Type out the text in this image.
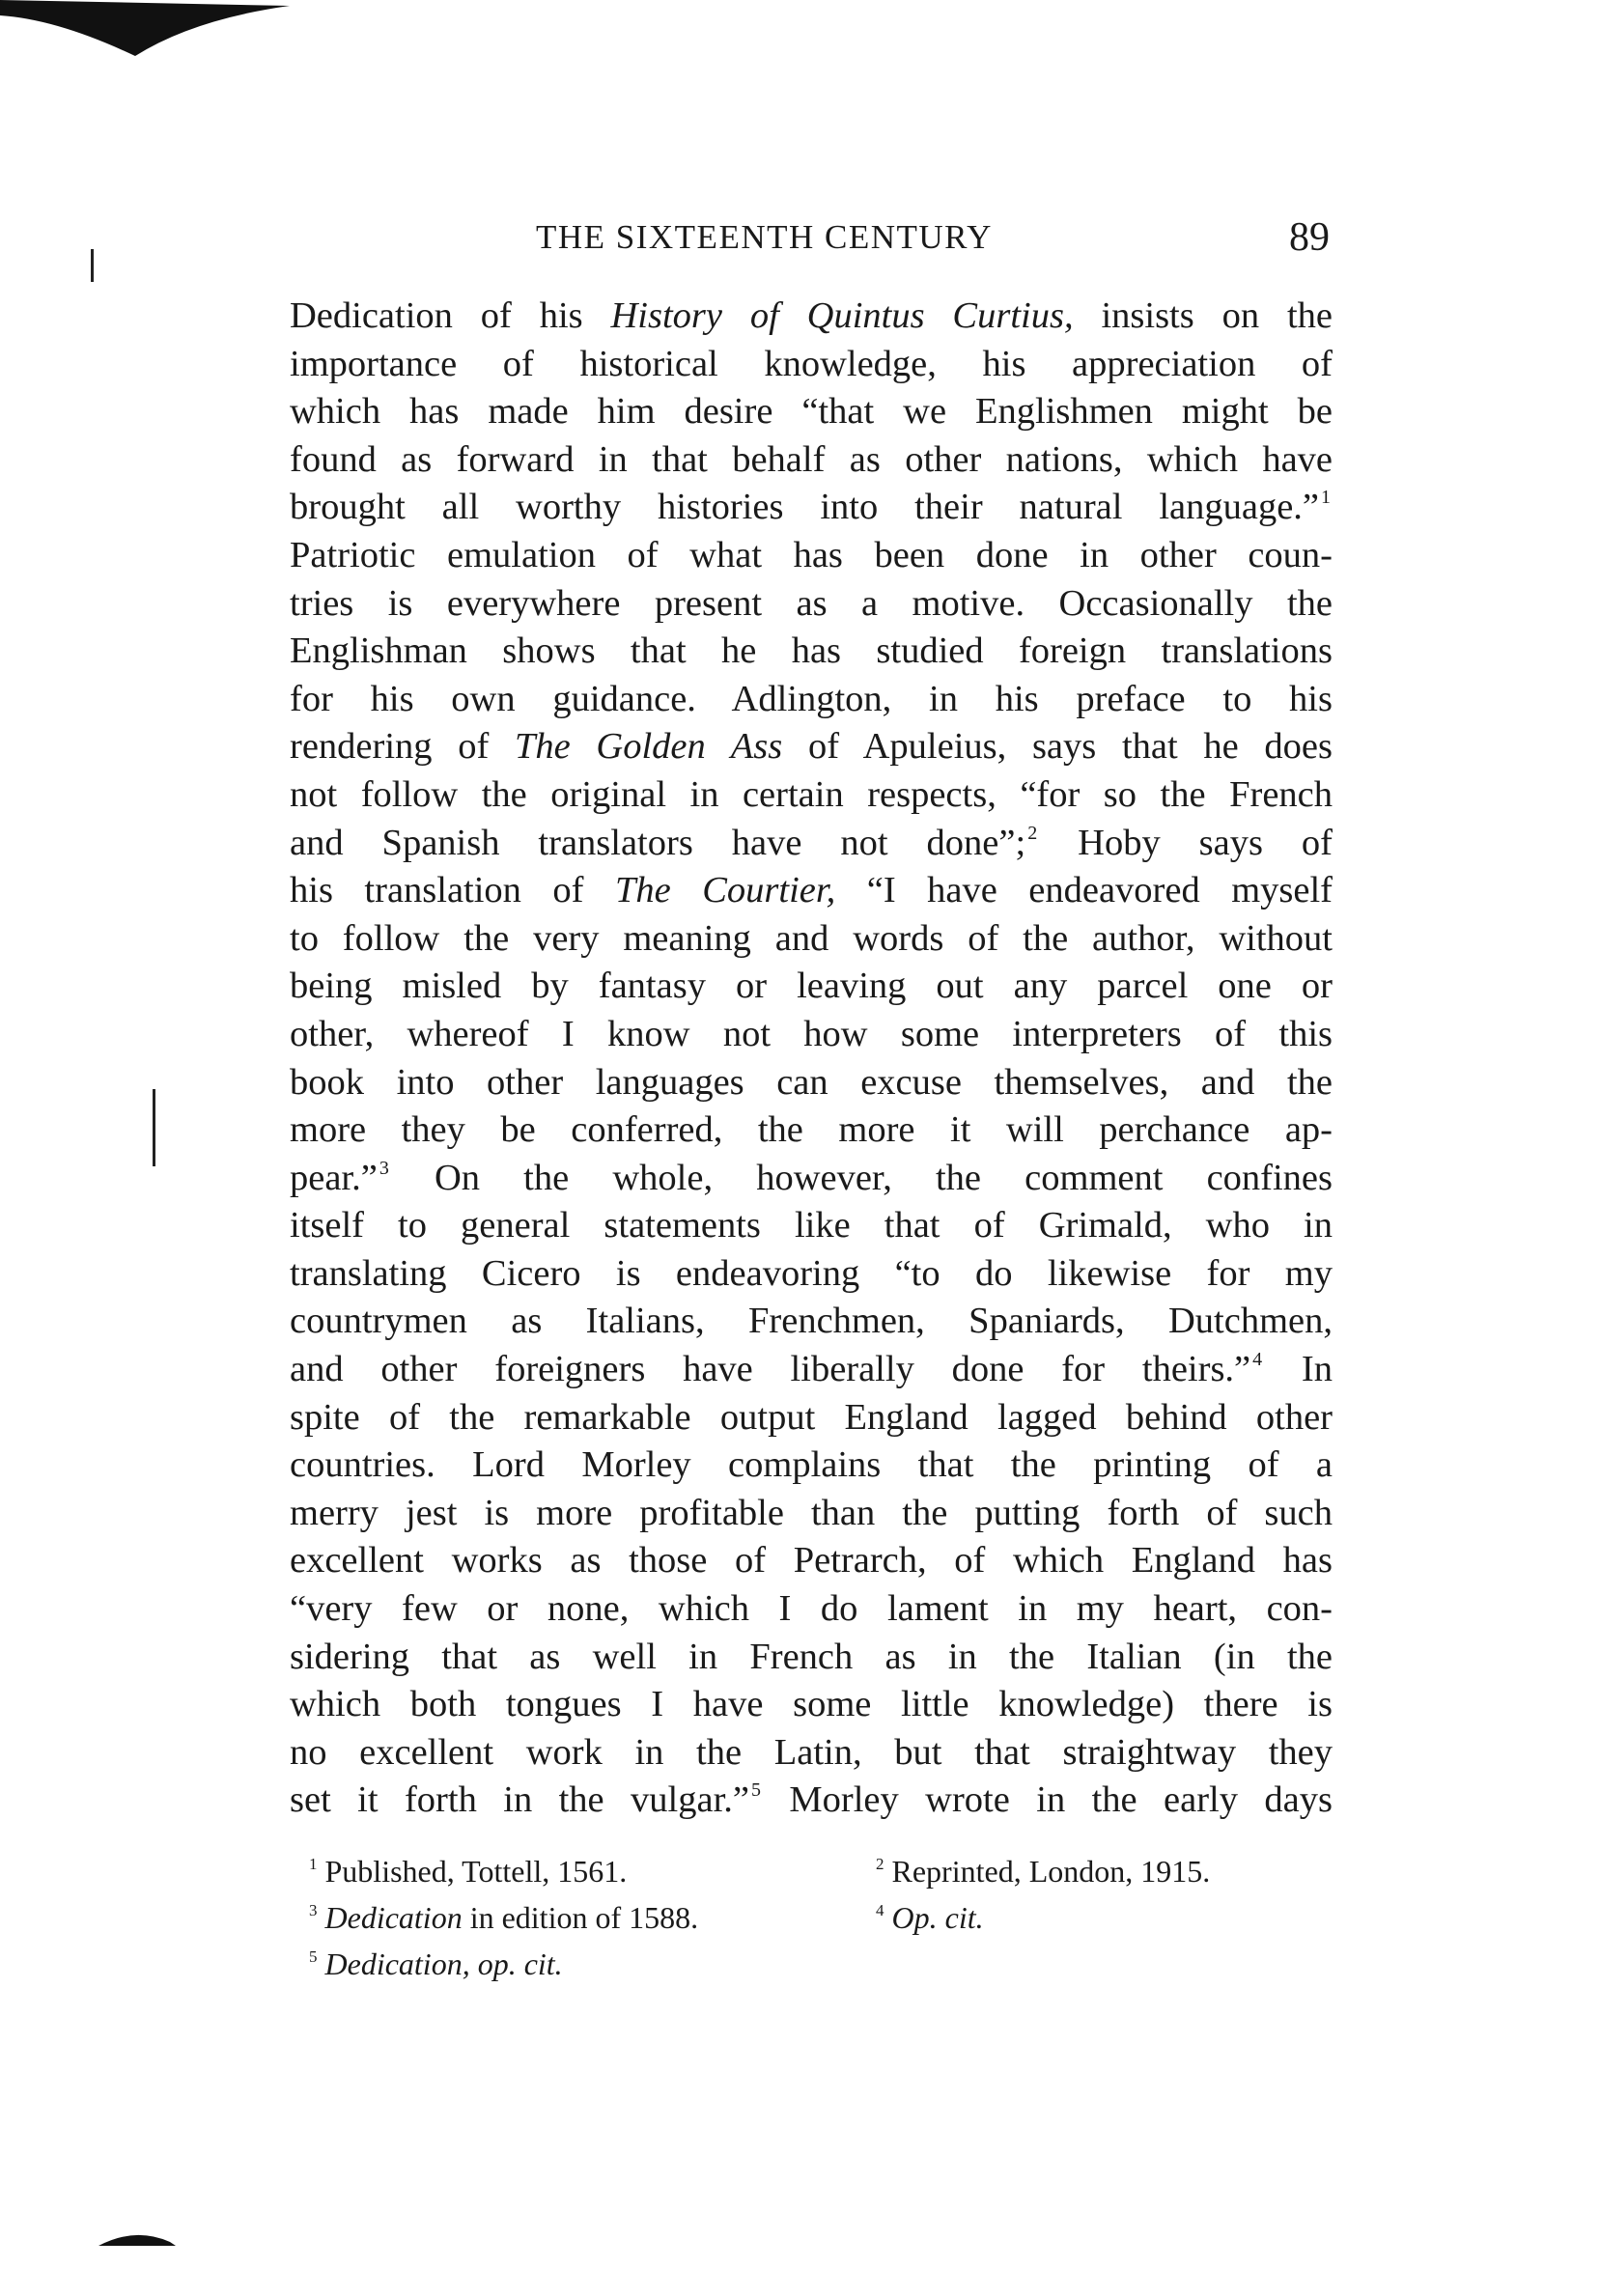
THE SIXTEENTH CENTURY	89
Dedication of his History of Quintus Curtius, insists on the
importance of historical knowledge, his appreciation of
which has made him desire “that we Englishmen might be
found as forward in that behalf as other nations, which have
brought all worthy histories into their natural language.” $^1$
Patriotic emulation of what has been done in other coun-
tries is everywhere present as a motive. Occasionally the
Englishman shows that he has studied foreign translations
for his own guidance. Adlington, in his preface to his
rendering of The Golden Ass of Apuleius, says that he does
not follow the original in certain respects, “for so the French
and Spanish translators have not done”; $^2$ Hoby says of
his translation of The Courtier, “I have endeavored myself
to follow the very meaning and words of the author, without
being misled by fantasy or leaving out any parcel one or
other, whereof I know not how some interpreters of this
book into other languages can excuse themselves, and the
more they be conferred, the more it will perchance ap-
pear.” $^3$ On the whole, however, the comment confines
itself to general statements like that of Grimald, who in
translating Cicero is endeavoring “to do likewise for my
countrymen as Italians, Frenchmen, Spaniards, Dutchmen,
and other foreigners have liberally done for theirs.” $^4$ In
spite of the remarkable output England lagged behind other
countries. Lord Morley complains that the printing of a
merry jest is more profitable than the putting forth of such
excellent works as those of Petrarch, of which England has
“very few or none, which I do lament in my heart, con-
sidering that as well in French as in the Italian (in the
which both tongues I have some little knowledge) there is
no excellent work in the Latin, but that straightway they
set it forth in the vulgar.” $^5$ Morley wrote in the early days
$^1$ Published, Tottell, 1561.	$^2$ Reprinted, London, 1915.
$^3$ Dedication in edition of 1588.	$^4$ Op. cit.
$^5$ Dedication, op. cit.
